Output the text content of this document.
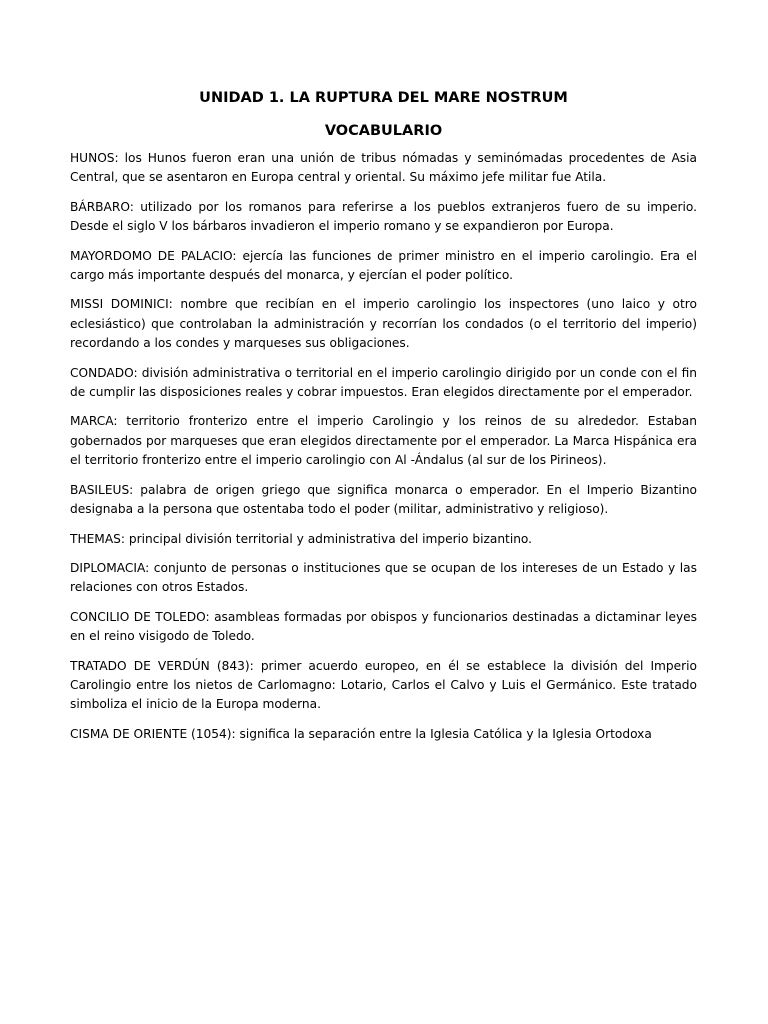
UNIDAD 1. LA RUPTURA DEL MARE NOSTRUM
VOCABULARIO

HUNOS: los Hunos fueron eran una unión de tribus nómadas y seminómadas procedentes de Asia Central, que se asentaron en Europa central y oriental. Su máximo jefe militar fue Atila.

BÁRBARO: utilizado por los romanos para referirse a los pueblos extranjeros fuero de su imperio. Desde el siglo V los bárbaros invadieron el imperio romano y se expandieron por Europa.

MAYORDOMO DE PALACIO: ejercía las funciones de primer ministro en el imperio carolingio. Era el cargo más importante después del monarca, y ejercían el poder político.

MISSI DOMINICI: nombre que recibían en el imperio carolingio los inspectores (uno laico y otro eclesiástico) que controlaban la administración y recorrían los condados (o el territorio del imperio) recordando a los condes y marqueses sus obligaciones.

CONDADO: división administrativa o territorial en el imperio carolingio dirigido por un conde con el fin de cumplir las disposiciones reales y cobrar impuestos. Eran elegidos directamente por el emperador.

MARCA: territorio fronterizo entre el imperio Carolingio y los reinos de su alrededor. Estaban gobernados por marqueses que eran elegidos directamente por el emperador. La Marca Hispánica era el territorio fronterizo entre el imperio carolingio con Al -Ándalus (al sur de los Pirineos).

BASILEUS: palabra de origen griego que significa monarca o emperador. En el Imperio Bizantino designaba a la persona que ostentaba todo el poder (militar, administrativo y religioso).

THEMAS: principal división territorial y administrativa del imperio bizantino.

DIPLOMACIA: conjunto de personas o instituciones que se ocupan de los intereses de un Estado y las relaciones con otros Estados.

CONCILIO DE TOLEDO: asambleas formadas por obispos y funcionarios destinadas a dictaminar leyes en el reino visigodo de Toledo.

TRATADO DE VERDÚN (843): primer acuerdo europeo, en él se establece la división del Imperio Carolingio entre los nietos de Carlomagno: Lotario, Carlos el Calvo y Luis el Germánico. Este tratado simboliza el inicio de la Europa moderna.

CISMA DE ORIENTE (1054): significa la separación entre la Iglesia Católica y la Iglesia Ortodoxa
